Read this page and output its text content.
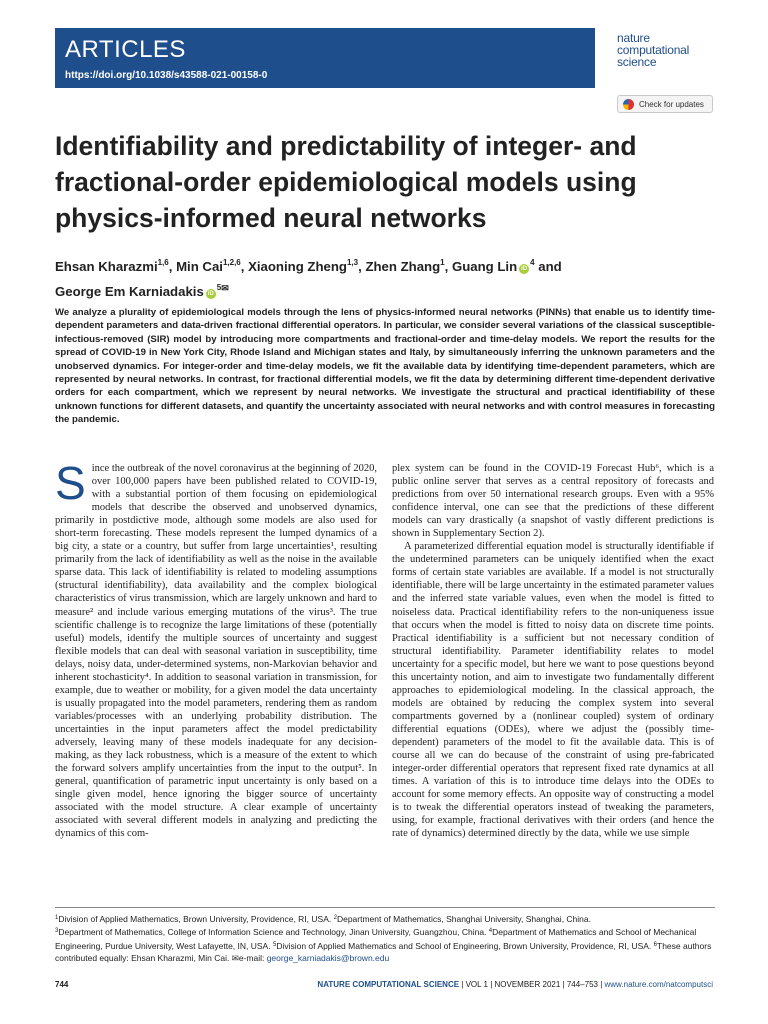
ARTICLES
https://doi.org/10.1038/s43588-021-00158-0
nature
computational
science
Check for updates
Identifiability and predictability of integer- and fractional-order epidemiological models using physics-informed neural networks
Ehsan Kharazmi$^{1,6}$, Min Cai$^{1,2,6}$, Xiaoning Zheng$^{1,3}$, Zhen Zhang$^1$, Guang Lin $iD^4$ and
George Em Karniadakis $iD^{5✉}$
We analyze a plurality of epidemiological models through the lens of physics-informed neural networks (PINNs) that enable us to identify time-dependent parameters and data-driven fractional differential operators. In particular, we consider several variations of the classical susceptible-infectious-removed (SIR) model by introducing more compartments and fractional-order and time-delay models. We report the results for the spread of COVID-19 in New York City, Rhode Island and Michigan states and Italy, by simultaneously inferring the unknown parameters and the unobserved dynamics. For integer-order and time-delay models, we fit the available data by identifying time-dependent parameters, which are represented by neural networks. In contrast, for fractional differential models, we fit the data by determining different time-dependent derivative orders for each compartment, which we represent by neural networks. We investigate the structural and practical identifiability of these unknown functions for different datasets, and quantify the uncertainty associated with neural networks and with control measures in forecasting the pandemic.

Since the outbreak of the novel coronavirus at the beginning of 2020, over 100,000 papers have been published related to COVID-19, with a substantial portion of them focusing on epidemiological models that describe the observed and unobserved dynamics, primarily in postdictive mode, although some models are also used for short-term forecasting. These models represent the lumped dynamics of a big city, a state or a country, but suffer from large uncertainties¹, resulting primarily from the lack of identifiability as well as the noise in the available sparse data. This lack of identifiability is related to modeling assumptions (structural identifiability), data availability and the complex biological characteristics of virus transmission, which are largely unknown and hard to measure² and include various emerging mutations of the virus³. The true scientific challenge is to recognize the large limitations of these (potentially useful) models, identify the multiple sources of uncertainty and suggest flexible models that can deal with seasonal variation in susceptibility, time delays, noisy data, under-determined systems, non-Markovian behavior and inherent stochasticity⁴. In addition to seasonal variation in transmission, for example, due to weather or mobility, for a given model the data uncertainty is usually propagated into the model parameters, rendering them as random variables/processes with an underlying probability distribution. The uncertainties in the input parameters affect the model predictability adversely, leaving many of these models inadequate for any decision-making, as they lack robustness, which is a measure of the extent to which the forward solvers amplify uncertainties from the input to the output⁵. In general, quantification of parametric input uncertainty is only based on a single given model, hence ignoring the bigger source of uncertainty associated with the model structure. A clear example of uncertainty associated with several different models in analyzing and predicting the dynamics of this com-

plex system can be found in the COVID-19 Forecast Hub⁶, which is a public online server that serves as a central repository of forecasts and predictions from over 50 international research groups. Even with a 95% confidence interval, one can see that the predictions of these different models can vary drastically (a snapshot of vastly different predictions is shown in Supplementary Section 2).

A parameterized differential equation model is structurally identifiable if the undetermined parameters can be uniquely identified when the exact forms of certain state variables are available. If a model is not structurally identifiable, there will be large uncertainty in the estimated parameter values and the inferred state variable values, even when the model is fitted to noiseless data. Practical identifiability refers to the non-uniqueness issue that occurs when the model is fitted to noisy data on discrete time points. Practical identifiability is a sufficient but not necessary condition of structural identifiability. Parameter identifiability relates to model uncertainty for a specific model, but here we want to pose questions beyond this uncertainty notion, and aim to investigate two fundamentally different approaches to epidemiological modeling. In the classical approach, the models are obtained by reducing the complex system into several compartments governed by a (nonlinear coupled) system of ordinary differential equations (ODEs), where we adjust the (possibly time-dependent) parameters of the model to fit the available data. This is of course all we can do because of the constraint of using pre-fabricated integer-order differential operators that represent fixed rate dynamics at all times. A variation of this is to introduce time delays into the ODEs to account for some memory effects. An opposite way of constructing a model is to tweak the differential operators instead of tweaking the parameters, using, for example, fractional derivatives with their orders (and hence the rate of dynamics) determined directly by the data, while we use simple

$^1$Division of Applied Mathematics, Brown University, Providence, RI, USA. $^2$Department of Mathematics, Shanghai University, Shanghai, China.
$^3$Department of Mathematics, College of Information Science and Technology, Jinan University, Guangzhou, China. $^4$Department of Mathematics and School of Mechanical Engineering, Purdue University, West Lafayette, IN, USA. $^5$Division of Applied Mathematics and School of Engineering, Brown University, Providence, RI, USA. $^6$These authors contributed equally: Ehsan Kharazmi, Min Cai. ✉e-mail: george_karniadakis@brown.edu
744	NATURE COMPUTATIONAL SCIENCE | VOL 1 | NOVEMBER 2021 | 744–753 | www.nature.com/natcomputsci
